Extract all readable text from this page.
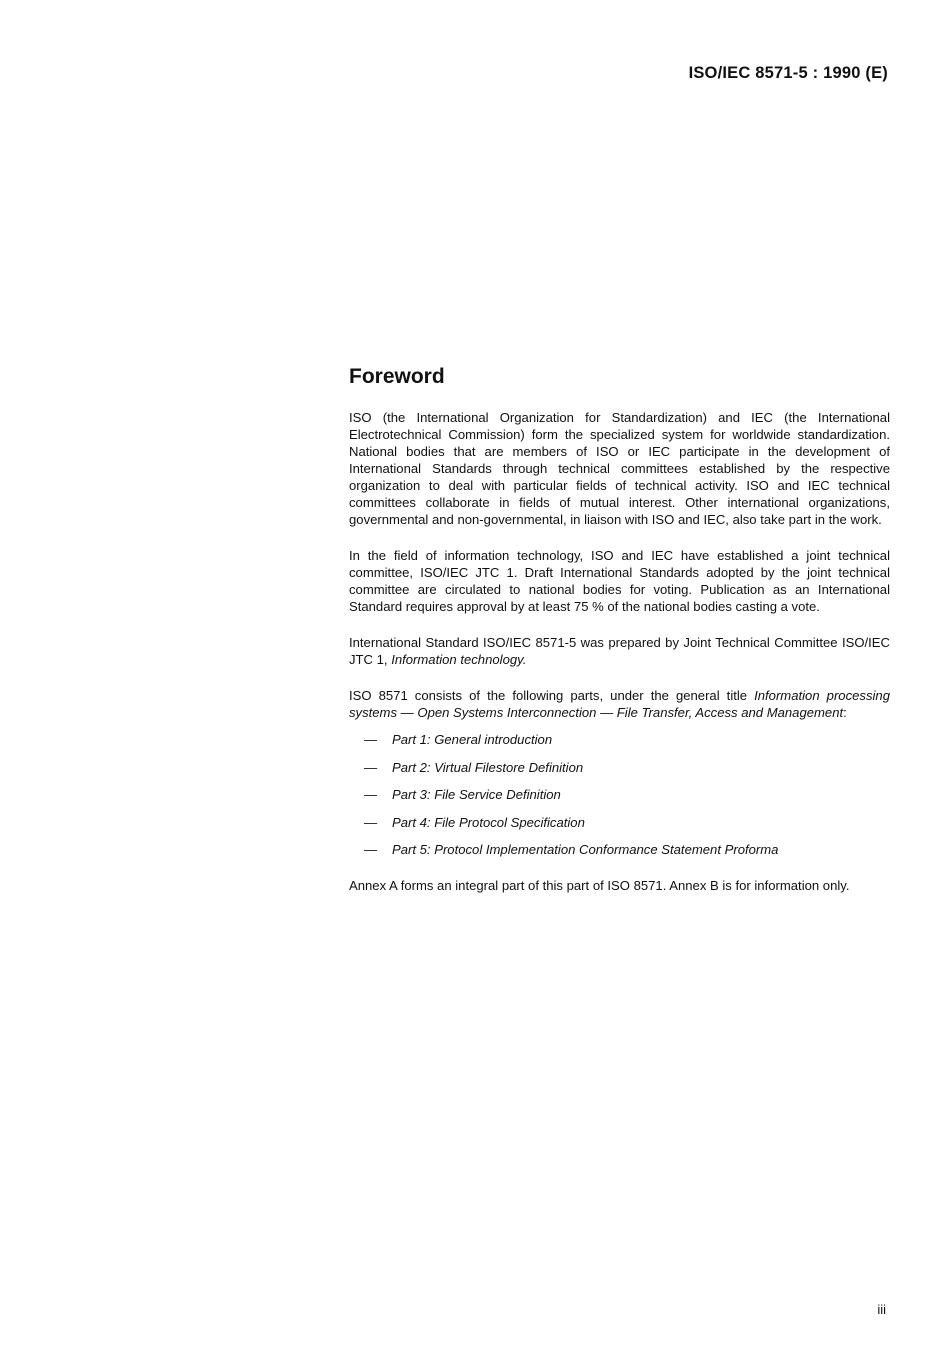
ISO/IEC 8571-5 : 1990 (E)
Foreword

ISO (the International Organization for Standardization) and IEC (the International Electrotechnical Commission) form the specialized system for worldwide standardization. National bodies that are members of ISO or IEC participate in the development of International Standards through technical committees established by the respective organization to deal with particular fields of technical activity. ISO and IEC technical committees collaborate in fields of mutual interest. Other international organizations, governmental and non-governmental, in liaison with ISO and IEC, also take part in the work.

In the field of information technology, ISO and IEC have established a joint technical committee, ISO/IEC JTC 1. Draft International Standards adopted by the joint technical committee are circulated to national bodies for voting. Publication as an International Standard requires approval by at least 75 % of the national bodies casting a vote.

International Standard ISO/IEC 8571-5 was prepared by Joint Technical Committee ISO/IEC JTC 1, Information technology.

ISO 8571 consists of the following parts, under the general title Information processing systems — Open Systems Interconnection — File Transfer, Access and Management:

—	Part 1: General introduction
—	Part 2: Virtual Filestore Definition
—	Part 3: File Service Definition
—	Part 4: File Protocol Specification
—	Part 5: Protocol Implementation Conformance Statement Proforma

Annex A forms an integral part of this part of ISO 8571. Annex B is for information only.

iii
